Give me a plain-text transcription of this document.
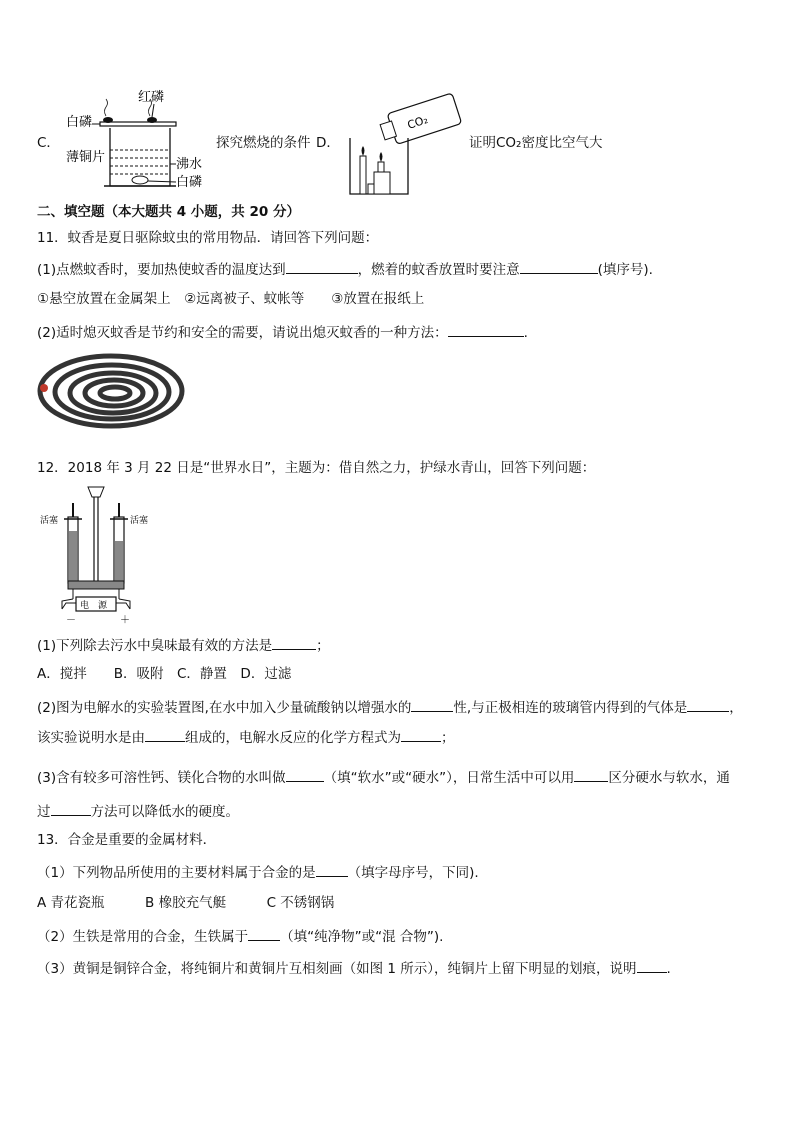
C．
红磷
白磷
薄铜片	沸水
白磷
探究燃烧的条件 D．
CO₂
证明CO₂密度比空气大
二、填空题（本大题共 4 小题，共 20 分）
11．蚊香是夏日驱除蚊虫的常用物品．请回答下列问题：
(1)点燃蚊香时，要加热使蚊香的温度达到	，燃着的蚊香放置时要注意	(填序号).
①悬空放置在金属架上　②远离被子、蚊帐等　　③放置在报纸上
(2)适时熄灭蚊香是节约和安全的需要，请说出熄灭蚊香的一种方法：	.
12．2018 年 3 月 22 日是“世界水日”，主题为：借自然之力，护绿水青山，回答下列问题：
活塞	活塞
电　源
－	＋
(1)下列除去污水中臭味最有效的方法是	；
A．搅拌　　B．吸附　C．静置　D．过滤
(2)图为电解水的实验装置图,在水中加入少量硫酸钠以增强水的	性,与正极相连的玻璃管内得到的气体是	，
该实验说明水是由	组成的，电解水反应的化学方程式为	；
(3)含有较多可溶性钙、镁化合物的水叫做	（填“软水”或“硬水”），日常生活中可以用	区分硬水与软水，通
过	方法可以降低水的硬度。
13．合金是重要的金属材料．
（1）下列物品所使用的主要材料属于合金的是 （填字母序号，下同).
A 青花瓷瓶　　　B 橡胶充气艇　　　C 不锈钢锅
（2）生铁是常用的合金，生铁属于 （填“纯净物”或“混 合物”).
（3）黄铜是铜锌合金，将纯铜片和黄铜片互相刻画（如图 1 所示），纯铜片上留下明显的划痕，说明 .
